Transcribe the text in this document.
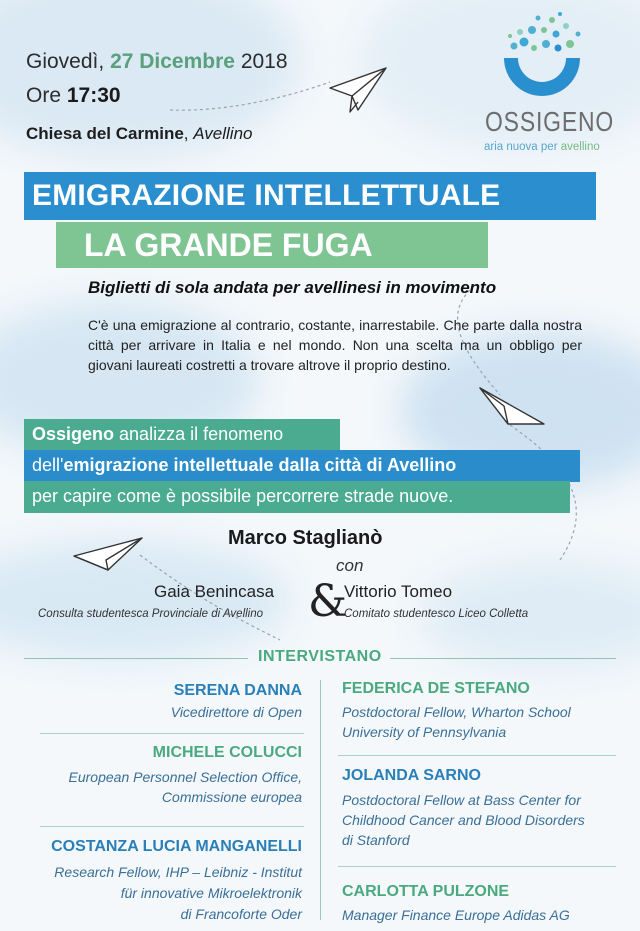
Giovedì, 27 Dicembre 2018
Ore 17:30
Chiesa del Carmine, Avellino	OSSIGENO
aria nuova per avellino
EMIGRAZIONE INTELLETTUALE
LA GRANDE FUGA
Biglietti di sola andata per avellinesi in movimento
C'è una emigrazione al contrario, costante, inarrestabile. Che parte dalla nostra città per arrivare in Italia e nel mondo. Non una scelta ma un obbligo per giovani laureati costretti a trovare altrove il proprio destino.
Ossigeno analizza il fenomeno
dell'emigrazione intellettuale dalla città di Avellino
per capire come è possibile percorrere strade nuove.
Marco Staglianò
con
Gaia Benincasa &
Vittorio Tomeo
Consulta studentesca Provinciale di Avellino	Comitato studentesco Liceo Colletta
INTERVISTANO
SERENA DANNA
Vicedirettore di Open
MICHELE COLUCCI
European Personnel Selection Office,
Commissione europea
COSTANZA LUCIA MANGANELLI
Research Fellow, IHP – Leibniz - Institut
für innovative Mikroelektronik
di Francoforte Oder
FEDERICA DE STEFANO
Postdoctoral Fellow, Wharton School
University of Pennsylvania
JOLANDA SARNO
Postdoctoral Fellow at Bass Center for
Childhood Cancer and Blood Disorders
di Stanford
CARLOTTA PULZONE
Manager Finance Europe Adidas AG
